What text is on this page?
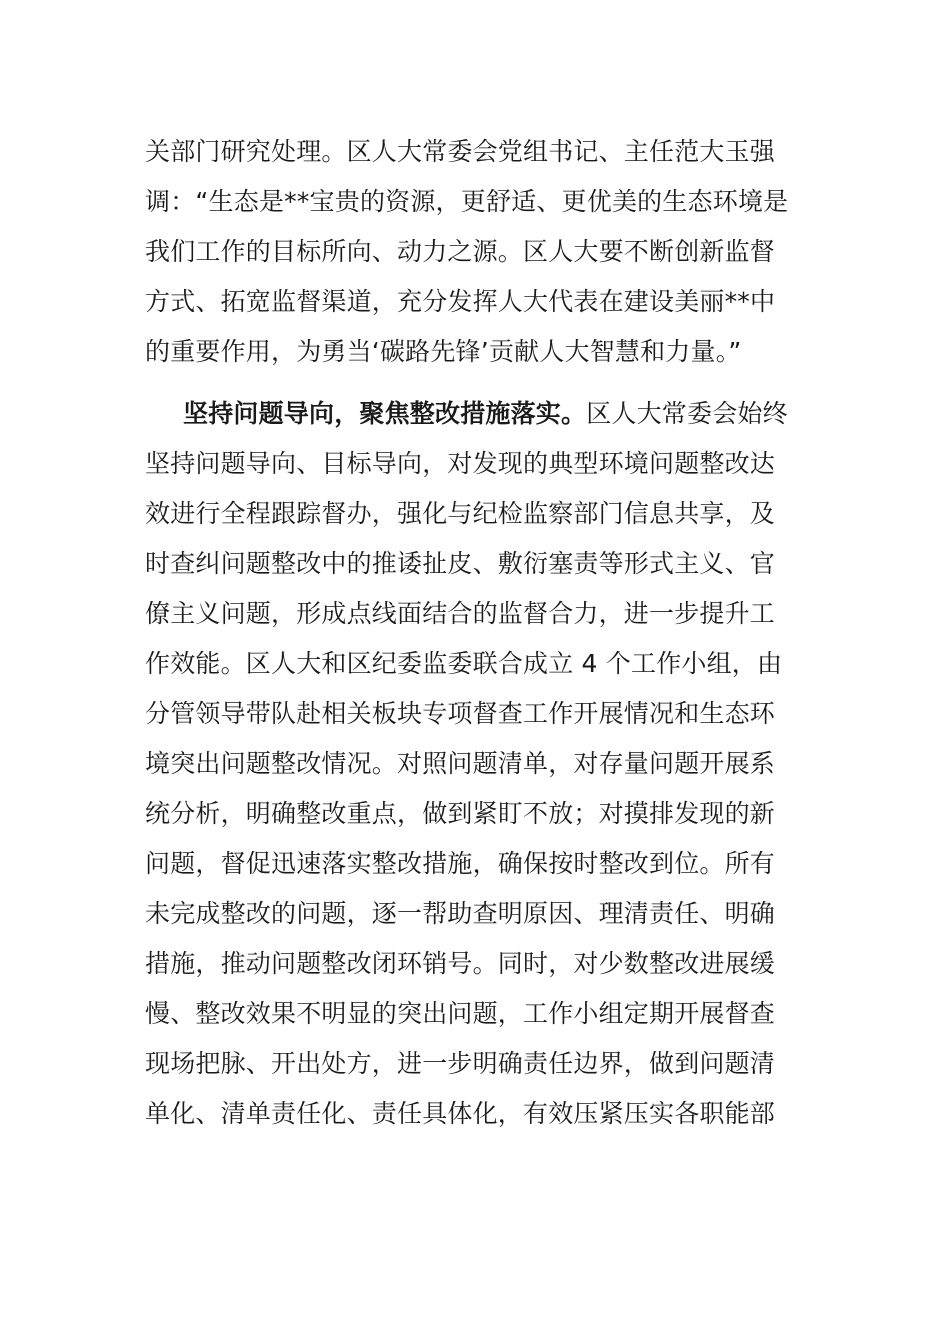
关部门研究处理。区人大常委会党组书记、主任范大玉强
调：“生态是**宝贵的资源，更舒适、更优美的生态环境是
我们工作的目标所向、动力之源。区人大要不断创新监督
方式、拓宽监督渠道，充分发挥人大代表在建设美丽**中
的重要作用，为勇当‘碳路先锋’贡献人大智慧和力量。”
坚持问题导向，聚焦整改措施落实。区人大常委会始终
坚持问题导向、目标导向，对发现的典型环境问题整改达
效进行全程跟踪督办，强化与纪检监察部门信息共享，及
时查纠问题整改中的推诿扯皮、敷衍塞责等形式主义、官
僚主义问题，形成点线面结合的监督合力，进一步提升工
作效能。区人大和区纪委监委联合成立 4 个工作小组，由
分管领导带队赴相关板块专项督查工作开展情况和生态环
境突出问题整改情况。对照问题清单，对存量问题开展系
统分析，明确整改重点，做到紧盯不放；对摸排发现的新
问题，督促迅速落实整改措施，确保按时整改到位。所有
未完成整改的问题，逐一帮助查明原因、理清责任、明确
措施，推动问题整改闭环销号。同时，对少数整改进展缓
慢、整改效果不明显的突出问题，工作小组定期开展督查
现场把脉、开出处方，进一步明确责任边界，做到问题清
单化、清单责任化、责任具体化，有效压紧压实各职能部
